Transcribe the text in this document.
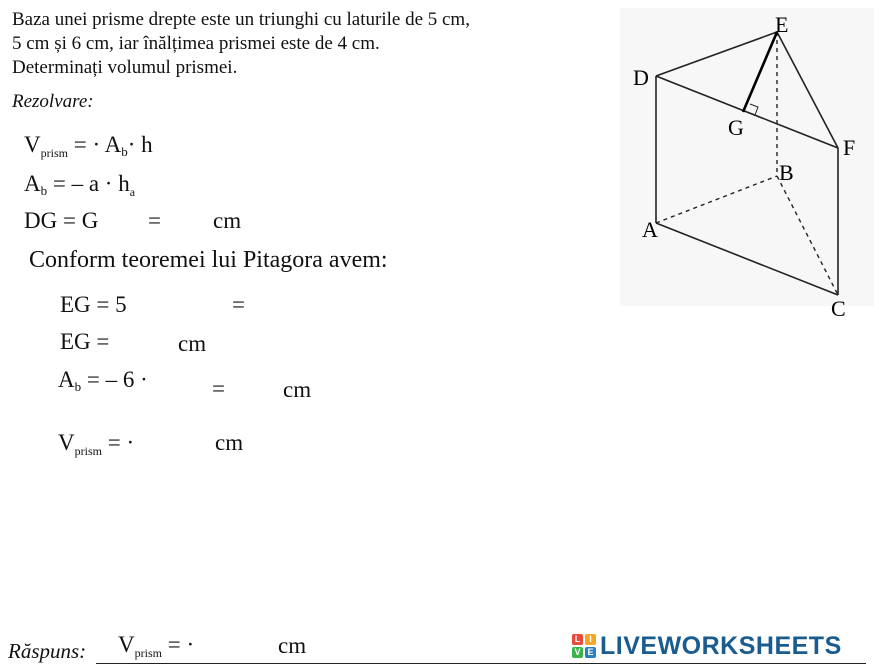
Baza unei prisme drepte este un triunghi cu laturile de 5 cm,
5 cm și 6 cm, iar înălțimea prismei este de 4 cm.
Determinați volumul prismei.
Rezolvare:
$V_{prism}$ = · Ab· h
Ab = – $a \cdot h_a$
DG = G = cm
Conform teoremei lui Pitagora avem:
EG = 5	=
EG =	cm
Ab = – 6 ·	=	cm
$V_{prism}$ = ·	cm
Răspuns: $V_{prism}$ = ·	cm
E
D
G
F
B
A
C
L I
V E LIVEWORKSHEETS
